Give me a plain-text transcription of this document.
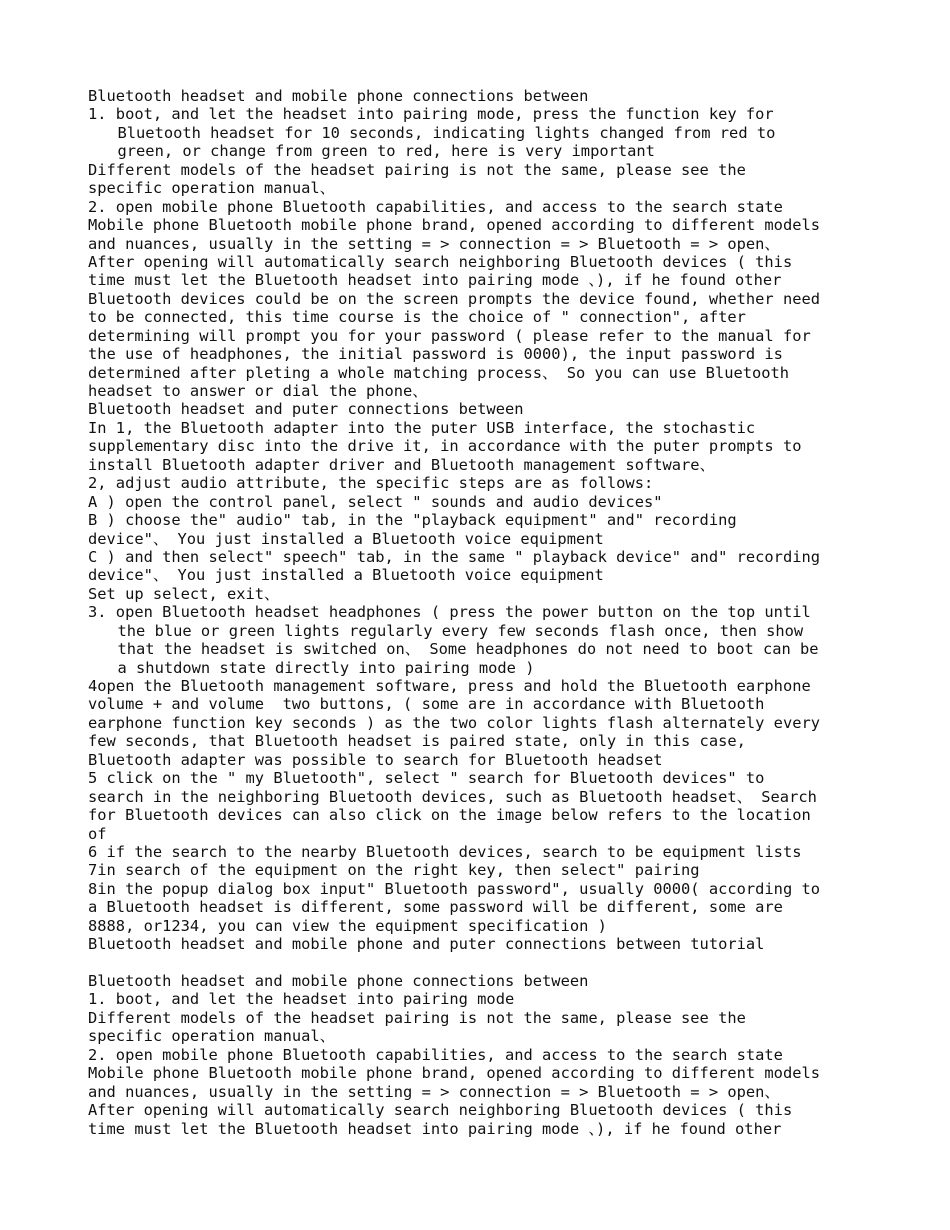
Bluetooth headset and mobile phone connections between
1. boot, and let the headset into pairing mode, press the function key for
Bluetooth headset for 10 seconds, indicating lights changed from red to
green, or change from green to red, here is very important
Different models of the headset pairing is not the same, please see the
specific operation manual、
2. open mobile phone Bluetooth capabilities, and access to the search state
Mobile phone Bluetooth mobile phone brand, opened according to different models
and nuances, usually in the setting = > connection = > Bluetooth = > open、
After opening will automatically search neighboring Bluetooth devices ( this
time must let the Bluetooth headset into pairing mode 、), if he found other
Bluetooth devices could be on the screen prompts the device found, whether need
to be connected, this time course is the choice of " connection", after
determining will prompt you for your password ( please refer to the manual for
the use of headphones, the initial password is 0000), the input password is
determined after pleting a whole matching process、 So you can use Bluetooth
headset to answer or dial the phone、
Bluetooth headset and puter connections between
In 1, the Bluetooth adapter into the puter USB interface, the stochastic
supplementary disc into the drive it, in accordance with the puter prompts to
install Bluetooth adapter driver and Bluetooth management software、
2, adjust audio attribute, the specific steps are as follows:
A ) open the control panel, select " sounds and audio devices"
B ) choose the" audio" tab, in the "playback equipment" and" recording
device"、 You just installed a Bluetooth voice equipment
C ) and then select" speech" tab, in the same " playback device" and" recording
device"、 You just installed a Bluetooth voice equipment
Set up select, exit、
3. open Bluetooth headset headphones ( press the power button on the top until
the blue or green lights regularly every few seconds flash once, then show
that the headset is switched on、 Some headphones do not need to boot can be
a shutdown state directly into pairing mode )
4open the Bluetooth management software, press and hold the Bluetooth earphone
volume + and volume  two buttons, ( some are in accordance with Bluetooth
earphone function key seconds ) as the two color lights flash alternately every
few seconds, that Bluetooth headset is paired state, only in this case,
Bluetooth adapter was possible to search for Bluetooth headset
5 click on the " my Bluetooth", select " search for Bluetooth devices" to
search in the neighboring Bluetooth devices, such as Bluetooth headset、 Search
for Bluetooth devices can also click on the image below refers to the location
of
6 if the search to the nearby Bluetooth devices, search to be equipment lists
7in search of the equipment on the right key, then select" pairing
8in the popup dialog box input" Bluetooth password", usually 0000( according to
a Bluetooth headset is different, some password will be different, some are
8888, or1234, you can view the equipment specification )
Bluetooth headset and mobile phone and puter connections between tutorial
Bluetooth headset and mobile phone connections between
1. boot, and let the headset into pairing mode
Different models of the headset pairing is not the same, please see the
specific operation manual、
2. open mobile phone Bluetooth capabilities, and access to the search state
Mobile phone Bluetooth mobile phone brand, opened according to different models
and nuances, usually in the setting = > connection = > Bluetooth = > open、
After opening will automatically search neighboring Bluetooth devices ( this
time must let the Bluetooth headset into pairing mode 、), if he found other
